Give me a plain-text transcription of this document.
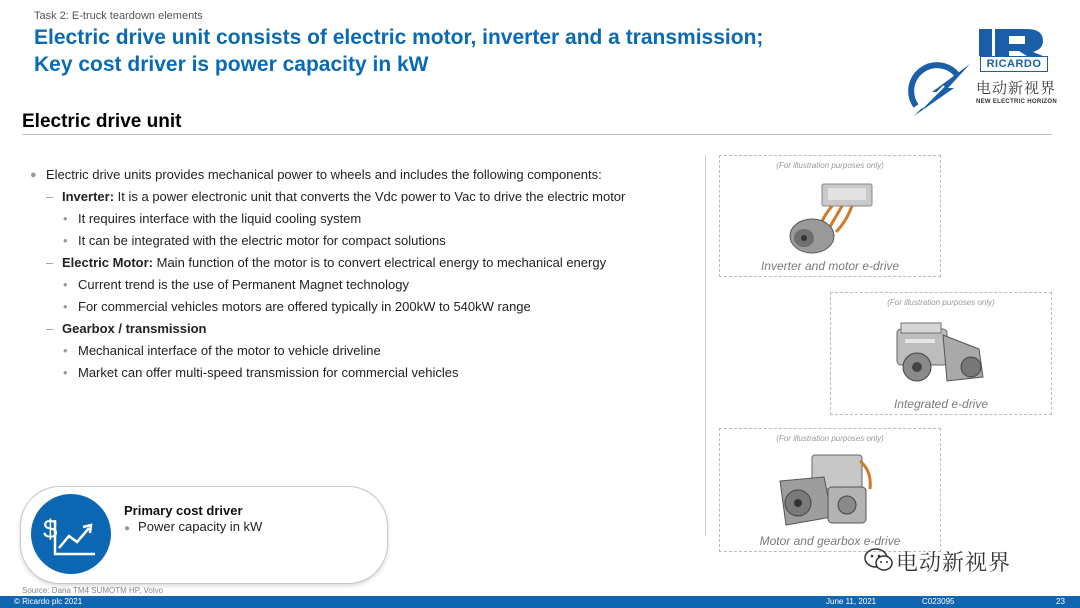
Task 2: E-truck teardown elements
Electric drive unit consists of electric motor, inverter and a transmission;
Key cost driver is power capacity in kW	RICARDO
电动新视界
NEW ELECTRIC HORIZON
Electric drive unit
● Electric drive units provides mechanical power to wheels and includes the following components:
– Inverter: It is a power electronic unit that converts the Vdc power to Vac to drive the electric motor
• It requires interface with the liquid cooling system
• It can be integrated with the electric motor for compact solutions
– Electric Motor: Main function of the motor is to convert electrical energy to mechanical energy
• Current trend is the use of Permanent Magnet technology
• For commercial vehicles motors are offered typically in 200kW to 540kW range
– Gearbox / transmission
• Mechanical interface of the motor to vehicle driveline
• Market can offer multi-speed transmission for commercial vehicles
(For illustration purposes only)
Inverter and motor e-drive
(For illustration purposes only)
Integrated e-drive
(For illustration purposes only)
Motor and gearbox e-drive
$
Primary cost driver
● Power capacity in kW
Source: Dana TM4 SUMOTM HP, Volvo
电动新视界
© Ricardo plc 2021	June 11, 2021	C023095	23
